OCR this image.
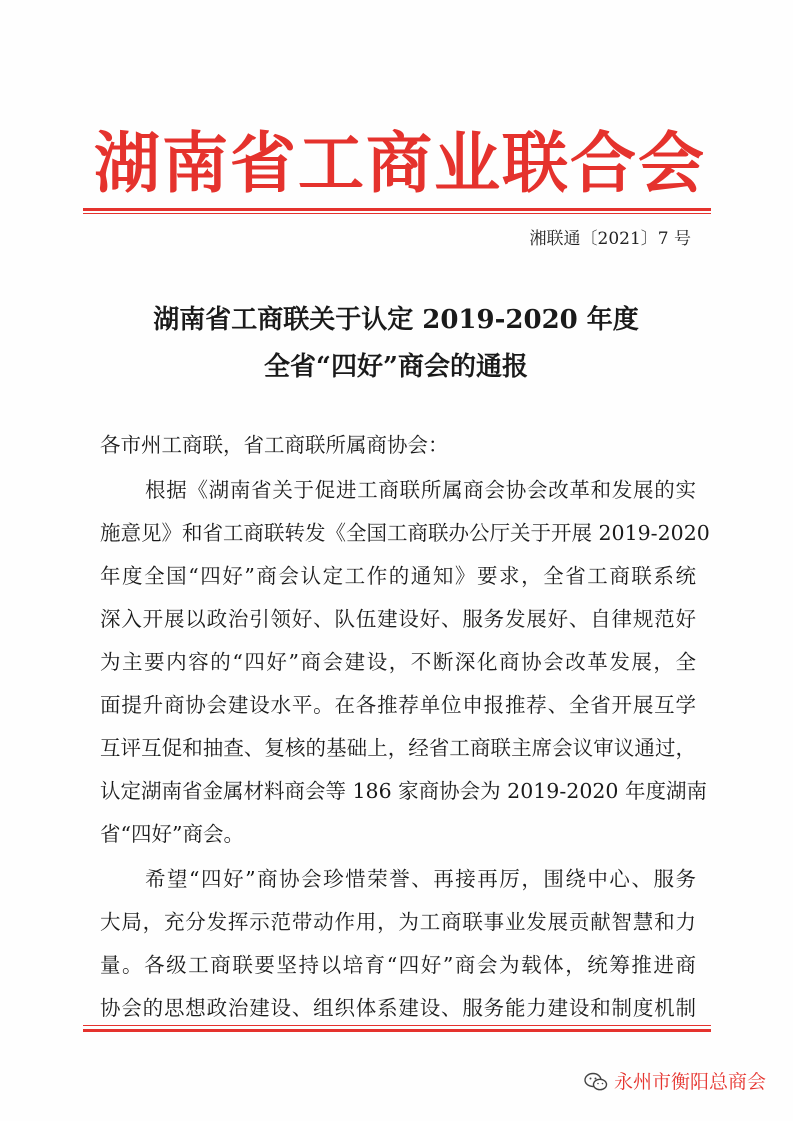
湖南省工商业联合会
湘联通〔2021〕7 号
湖南省工商联关于认定 2019-2020 年度
全省“四好”商会的通报
各市州工商联，省工商联所属商协会：
根据《湖南省关于促进工商联所属商会协会改革和发展的实
施意见》和省工商联转发《全国工商联办公厅关于开展 2019-2020
年度全国“四好”商会认定工作的通知》要求，全省工商联系统
深入开展以政治引领好、队伍建设好、服务发展好、自律规范好
为主要内容的“四好”商会建设，不断深化商协会改革发展，全
面提升商协会建设水平。在各推荐单位申报推荐、全省开展互学
互评互促和抽查、复核的基础上，经省工商联主席会议审议通过，
认定湖南省金属材料商会等 186 家商协会为 2019-2020 年度湖南
省“四好”商会。
希望“四好”商协会珍惜荣誉、再接再厉，围绕中心、服务
大局，充分发挥示范带动作用，为工商联事业发展贡献智慧和力
量。各级工商联要坚持以培育“四好”商会为载体，统筹推进商
协会的思想政治建设、组织体系建设、服务能力建设和制度机制
永州市衡阳总商会
